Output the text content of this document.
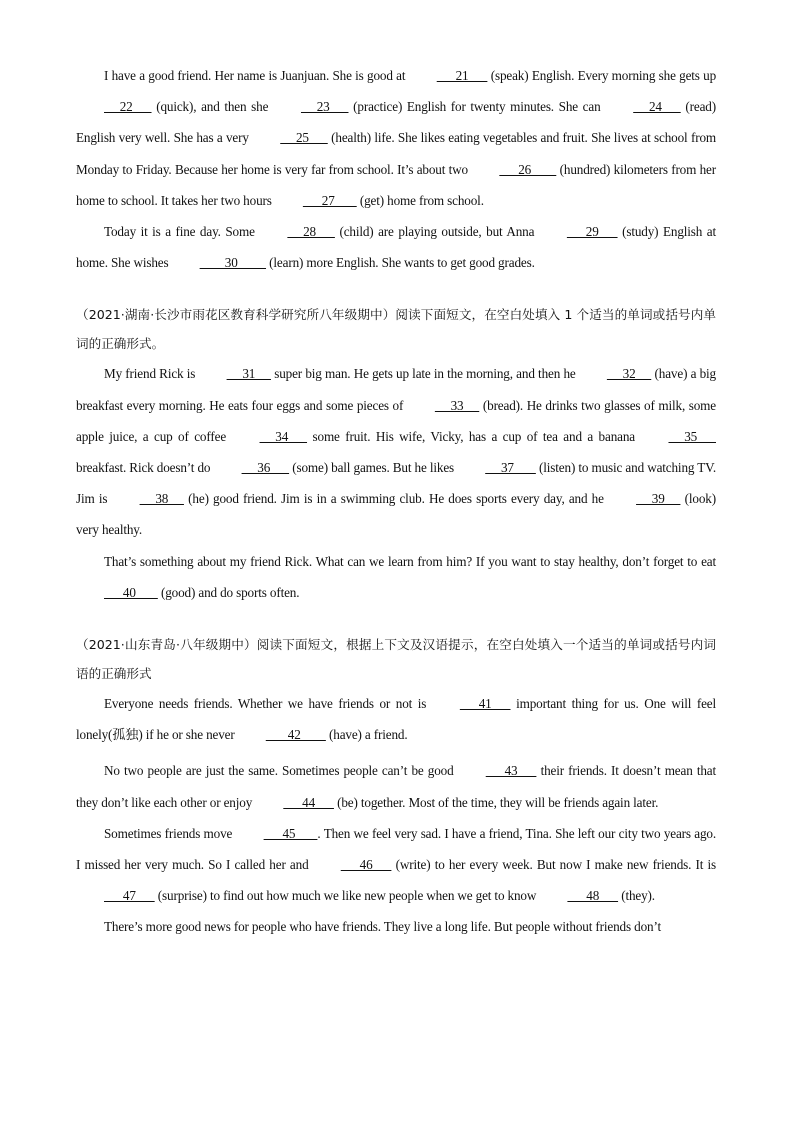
I have a good friend. Her name is Juanjuan. She is good at       21       (speak) English. Every morning she gets up      22       (quick), and then she      23       (practice) English for twenty minutes. She can      24       (read) English very well. She has a very      25       (health) life. She likes eating vegetables and fruit. She lives at school from Monday to Friday. Because her home is very far from school. It’s about two       26         (hundred) kilometers from her home to school. It takes her two hours       27        (get) home from school.

Today it is a fine day. Some      28       (child) are playing outside, but Anna       29       (study) English at home. She wishes         30          (learn) more English. She wants to get good grades.

（2021·湖南·长沙市雨花区教育科学研究所八年级期中）阅读下面短文，在空白处填入 1 个适当的单词或括号内单词的正确形式。

My friend Rick is      31      super big man. He gets up late in the morning, and then he      32      (have) a big breakfast every morning. He eats four eggs and some pieces of      33      (bread). He drinks two glasses of milk, some apple juice, a cup of coffee      34       some fruit. His wife, Vicky, has a cup of tea and a banana      35       breakfast. Rick doesn’t do      36       (some) ball games. But he likes      37        (listen) to music and watching TV. Jim is      38      (he) good friend. Jim is in a swimming club. He does sports every day, and he      39      (look) very healthy.

That’s something about my friend Rick. What can we learn from him? If you want to stay healthy, don’t forget to eat       40        (good) and do sports often.

（2021·山东青岛·八年级期中）阅读下面短文，根据上下文及汉语提示，在空白处填入一个适当的单词或括号内词语的正确形式

Everyone needs friends. Whether we have friends or not is       41       important thing for us. One will feel lonely(孤独) if he or she never        42         (have) a friend.

No two people are just the same. Sometimes people can’t be good       43       their friends. It doesn’t mean that they don’t like each other or enjoy       44       (be) together. Most of the time, they will be friends again later.

Sometimes friends move       45       . Then we feel very sad. I have a friend, Tina. She left our city two years ago. I missed her very much. So I called her and       46       (write) to her every week. But now I make new friends. It is       47       (surprise) to find out how much we like new people when we get to know       48       (they).

There’s more good news for people who have friends. They live a long life. But people without friends don’t
